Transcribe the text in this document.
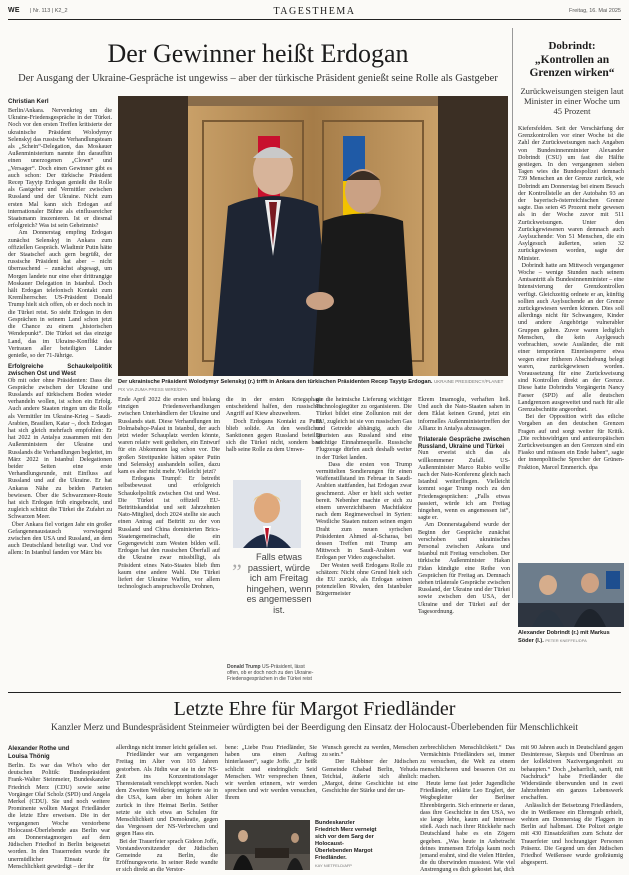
WE | Nr. 113 | K2_2	TAGESTHEMA	Freitag, 16. Mai 2025
Der Gewinner heißt Erdogan
Der Ausgang der Ukraine-Gespräche ist ungewiss – aber der türkische Präsident genießt seine Rolle als Gastgeber
Christian Kerl
Berlin/Ankara. Nervenkrieg um die Ukraine-Friedensgespräche in der Türkei. Noch vor den ersten Treffen kritisierte der ukrainische Präsident Wolodymyr Selenskyj das russische Verhandlungsteam als „Schein“-Delegation, das Moskauer Außenministerium nannte ihn daraufhin einen unerzogenen „Clown“ und „Versager“. Doch einen Gewinner gibt es auch schon: Der türkische Präsident Recep Tayyip Erdogan genießt die Rolle als Gastgeber und Vermittler zwischen Russland und der Ukraine. Nicht zum ersten Mal kann sich Erdogan auf internationaler Bühne als einflussreicher Staatsmann inszenieren. Ist er diesmal erfolgreich? Was ist sein Geheimnis?
Am Donnerstag empfing Erdogan zunächst Selenskyj in Ankara zum offiziellen Gespräch. Wladimir Putin hätte der Staatschef auch gern begrüßt, der russische Präsident hat aber – nicht überraschend – zunächst abgesagt, um Morgen landete nur eine eher drittrangige Moskauer Delegation in Istanbul. Doch hält Erdogan telefonisch Kontakt zum Kremlherrscher. US-Präsident Donald Trump hielt sich offen, ob er doch noch in die Türkei reist. So sieht Erdogan in den Gesprächen in seinem Land schon jetzt die Chance zu einem „historischen Wendepunkt“. Die Türkei sei das einzige Land, das im Ukraine-Konflikt das Vertrauen aller beteiligten Länder genieße, so der 71-Jährige.
Erfolgreiche Schaukelpolitik zwischen Ost und West
Ob mit oder ohne Präsidenten: Dass die Gespräche zwischen der Ukraine und Russlands auf türkischem Boden wieder verhandeln wollen, ist schon ein Erfolg. Auch andere Staaten ringen um die Rolle als Vermittler im Ukraine-Krieg – Saudi-Arabien, Brasilien, Katar –, doch Erdogan hat sich gleich mehrfach empfohlen: Er hat 2022 in Antalya zusammen mit den Außenministern der Ukraine und Russlands die Verhandlungen begleitet, im März 2022 in Istanbul Delegationen beider Seiten eine erste Verhandlungsrunde, mit Einfluss auf Russland und auf die Ukraine. Er hat Ankaras Nähe zu beiden Parteien bewiesen. Über die Schwarzmeer-Route hat sich Erdogan früh eingebracht, und zugleich schützt die Türkei die Zufahrt zu Schwarzen Meer.
Über Ankara fiel vorigen Jahr ein großer Gefangenenaustausch vorwiegend zwischen den USA und Russland, an dem auch Deutschland beteiligt war. Und vor allem: In Istanbul fanden vor März bis
Der ukrainische Präsident Wolodymyr Selenskyj (r.) trifft in Ankara den türkischen Präsidenten Recep Tayyip Erdogan. UKRAINE PRESIDENCY/PLANET
PIX VIA ZUMA PRESS WIRE/DPA
Ende April 2022 die ersten und bislang einzigen Friedensverhandlungen zwischen Unterhändlern der Ukraine und Russlands statt. Diese Verhandlungen im Dolmabahçe-Palast in Istanbul, der auch jetzt wieder Schauplatz werden könnte, waren relativ weit gediehen, ein Entwurf für ein Abkommen lag schon vor. Die großen Streitpunkte hätten später Putin und Selenskyj aushandeln sollen, dazu kam es aber nicht mehr. Vielleicht jetzt?
Erdogans Trumpf: Er betreibt selbstbewusst und erfolgreich Schaukelpolitik zwischen Ost und West. Die Türkei ist offiziell EU-Beitrittskandidat und seit Jahrzehnten Nato-Mitglied, doch 2024 stellte sie auch einen Antrag auf Beitritt zu der von Russland und China dominierten Brics-Staatengemeinschaft, die ein Gegengewicht zum Westen bilden will. Erdogan hat den russischen Überfall auf die Ukraine zwar missbilligt, als Präsident eines Nato-Staates blieb ihm kaum eine andere Wahl. Die Türkei liefert der Ukraine Waffen, vor allem technologisch anspruchsvolle Drohnen,
die in der ersten Kriegsphase entscheidend halfen, den russischen Angriff auf Kiew abzuwehren.
Doch Erdogans Kontakt zu Putin blieb solide. An den westlichen Sanktionen gegen Russland beteiligt sich die Türkei nicht, sondern baut halb seine Rolle zu dem Umwe-
„	Falls etwas passiert, würde ich am Freitag hingehen, wenn es angemessen ist.
Donald Trump US-Präsident, lässt offen, ob er doch noch zu den Ukraine-Friedensgesprächen in die Türkei reist
gie die heimische Lieferung wichtiger Technologiegüter zu organisieren. Die Türkei bildet eine Zollunion mit der EU, zugleich ist sie von russischen Gas und Getreide abhängig, auch die Touristen aus Russland sind eine wichtige Einnahmequelle. Russische Flugzeuge dürfen auch deshalb weiter in der Türkei landen.
Dass die ersten von Trump vermittelten Sondierungen für einen Waffenstillstand im Februar in Saudi-Arabien stattfanden, hat Erdogan zwar geschmerzt. Aber er hielt sich weiter bereit. Nebenher machte er sich zu einem unverzichtbaren Machtfaktor nach dem Regimewechsel in Syrien: Westliche Staaten nutzen seinen engen Draht zum neuen syrischen Präsidenten Ahmed al-Scharaa, bei dessen Treffen mit Trump am Mittwoch in Saudi-Arabien war Erdogan per Video zugeschaltet.
Der Westen weiß Erdogans Rolle zu schätzen: Nicht ohne Grund hielt sich die EU zurück, als Erdogan seinen potenziellen Rivalen, den Istanbuler Bürgermeister
Ekrem Imamoglu, verhaften ließ. Und auch die Nato-Staaten sahen in dem Eklat keinen Grund, jetzt ein informelles Außenministertreffen der Allianz in Antalya abzusagen.
Trilaterale Gespräche zwischen Russland, Ukraine und Türkei
Nun erweist sich das als willkommener Zufall. US-Außenminister Marco Rubio wollte nach der Nato-Konferenz gleich nach Istanbul weiterfliegen. Vielleicht kommt sogar Trump noch zu den Friedensgesprächen: „Falls etwas passiert, würde ich am Freitag hingehen, wenn es angemessen ist“, sagte er.
Am Donnerstagabend wurde der Beginn der Gespräche zunächst verschoben und ukrainisches Personal zwischen Ankara und Istanbul mit Freitag verschoben. Der türkische Außenminister Hakan Fidan kündigte eine Reihe von Gesprächen für Freitag an. Demnach stehen trilaterale Gespräche zwischen Russland, der Ukraine und der Türkei sowie zwischen den USA, der Ukraine und der Türkei auf der Tagesordnung.
Dobrindt:
„Kontrollen an Grenzen wirken“
Zurückweisungen steigen laut Minister in einer Woche um 45 Prozent
Kiefersfelden. Seit der Verschärfung der Grenzkontrollen vor einer Woche ist die Zahl der Zurückweisungen nach Angaben von Bundesinnenminister Alexander Dobrindt (CSU) um fast die Hälfte gestiegen. In den vergangenen sieben Tagen wies die Bundespolizei demnach 739 Menschen an der Grenze zurück, wie Dobrindt am Donnerstag bei einem Besuch der Kontrollstelle an der Autobahn 93 an der bayerisch-österreichischen Grenze sagte. Das seien 45 Prozent mehr gewesen als in der Woche zuvor mit 511 Zurückweisungen. Unter den Zurückgewiesenen waren demnach auch Asylsuchende: Von 51 Menschen, die ein Asylgesuch äußerten, seien 32 zurückgewiesen worden, sagte der Minister.
Dobrindt hatte am Mittwoch vergangener Woche – wenige Stunden nach seinem Amtsantritt als Bundesinnenminister – eine Intensivierung der Grenzkontrollen verfügt. Gleichzeitig ordnete er an, künftig sollten auch Asylsuchende an der Grenze zurückgewiesen werden können. Dies soll allerdings nicht für Schwangere, Kinder und andere Angehörige vulnerabler Gruppen gelten. Zuvor waren lediglich Menschen, die kein Asylgesuch vorbrachten, sowie Ausländer, die mit einer temporären Einreisesperre etwa wegen einer früheren Abschiebung belegt waren, zurückgewiesen worden. Voraussetzung für eine Zurückweisung sind Kontrollen direkt an der Grenze. Diese hatte Dobrindts Vorgängerin Nancy Faeser (SPD) auf alle deutschen Landgrenzen ausgeweitet und nach für alle Grenzabschnitte angeordnet.
Bei der Opposition wirft das etliche Vorgaben an den deutschen Grenzen Fragen auf und sorgt weiter für Kritik. „Die rechtswidrigen und antieuropäischen Zurückweisungen an den Grenzen sind ein Fiasko und müssen ein Ende haben“, sagte der innenpolitische Sprecher der Grünen-Fraktion, Marcel Emmerich. dpa
Alexander Dobrindt (r.) mit Markus Söder (l.). PETER KNEFFEL/DPA
Letzte Ehre für Margot Friedländer
Kanzler Merz und Bundespräsident Steinmeier würdigten bei der Beerdigung den Einsatz der Holocaust-Überlebenden für Menschlichkeit
Alexander Rothe und Louisa Thönig
Berlin. Es war das Who's who der deutschen Politik: Bundespräsident Frank-Walter Steinmeier, Bundeskanzler Friedrich Merz (CDU) sowie seine Vorgänger Olaf Scholz (SPD) und Angela Merkel (CDU). Sie und noch weitere Prominente wollten Margot Friedländer die letzte Ehre erweisen. Die in der vergangenen Woche verstorbene Holocaust-Überlebende aus Berlin war am Donnerstagmorgen auf dem Jüdischen Friedhof in Berlin beigesetzt worden. In den Trauerreden wurde ihr unermüdlicher Einsatz für Menschlichkeit gewürdigt – der ihr
allerdings nicht immer leicht gefallen sei.
Friedländer war am vergangenen Freitag im Alter von 103 Jahren gestorben. Als Jüdin war sie in der NS-Zeit ins Konzentrationslager Theresienstadt verschleppt worden. Nach dem Zweiten Weltkrieg emigrierte sie in die USA, kam aber im hohen Alter zurück in ihre Heimat Berlin. Seither setzte sie sich etwa an Schulen für Menschlichkeit und Demokratie, gegen das Vergessen der NS-Verbrechen und gegen Hass ein.
Bei der Trauerfeier sprach Gideon Joffe, Vorstandsvorsitzender der Jüdischen Gemeinde zu Berlin, die Eröffnungsworte. In seiner Rede wandte er sich direkt an die Verstor-
bene: „Liebe Frau Friedländer, Sie haben uns einen Auftrag hinterlassen“, sagte Joffe. „Er heißt schlicht und eindringlich: Seid Menschen. Wir versprechen Ihnen, wir werden erinnern, wir werden sprechen und wir werden versuchen, Ihrem
Wunsch gerecht zu werden, Menschen zu sein.“
Der Rabbiner der Jüdischen Gemeinde Chabad Berlin, Yehuda Teichtal, äußerte sich ähnlich: „Margot, deine Geschichte ist eine Geschichte der Stärke und der un-
Bundeskanzler Friedrich Merz verneigt sich vor dem Sarg der Holocaust-Überlebenden Margot Friedländer.
KAY NIETFELD/AFP
zerbrechlichen Menschlichkeit.“ Das Vermächtnis Friedländers sei, immer zu versuchen, die Welt zu einem menschlicheren und besseren Ort zu machen.
Heute lerne fast jeder Jugendliche Friedländer, erklärte Leo Englert, der Wegbegleiter der Berliner Ehrenbürgerin. Sich erinnerte er daran, dass ihre Geschichte in den USA, wo sie lange lebte, kaum auf Interesse stieß. Auch nach ihrer Rückkehr nach Deutschland habe es ein Zögern gegeben. „Was heute in Anbetracht deines immensen Erfolgs kaum noch jemand erahnt, sind die vielen Hürden, die du überwinden musstest. Wie viel Anstrengung es dich gekostet hat, dich
mit 90 Jahren auch in Deutschland gegen Desinteresse, Skepsis und Überdruss an der kollektiven Nazivergangenheit zu behaupten.“ Doch „beharrlich, sanft, mit Nachdruck“ habe Friedländer die Widerstände überwunden und in zwei Jahrzehnten ein ganzes Lebenswerk erschaffen.
Anlässlich der Beisetzung Friedländers, die in Weißensee ein Ehrengrab erhielt, wehten am Donnerstag die Flaggen in Berlin auf halbmast. Die Polizei zeigte mit 430 Einsatzkräften zum Schutz der Trauerfeier und hochrangiger Personen Präsenz. Die Gegend um den Jüdischen Friedhof Weißensee wurde großräumig abgesperrt.
